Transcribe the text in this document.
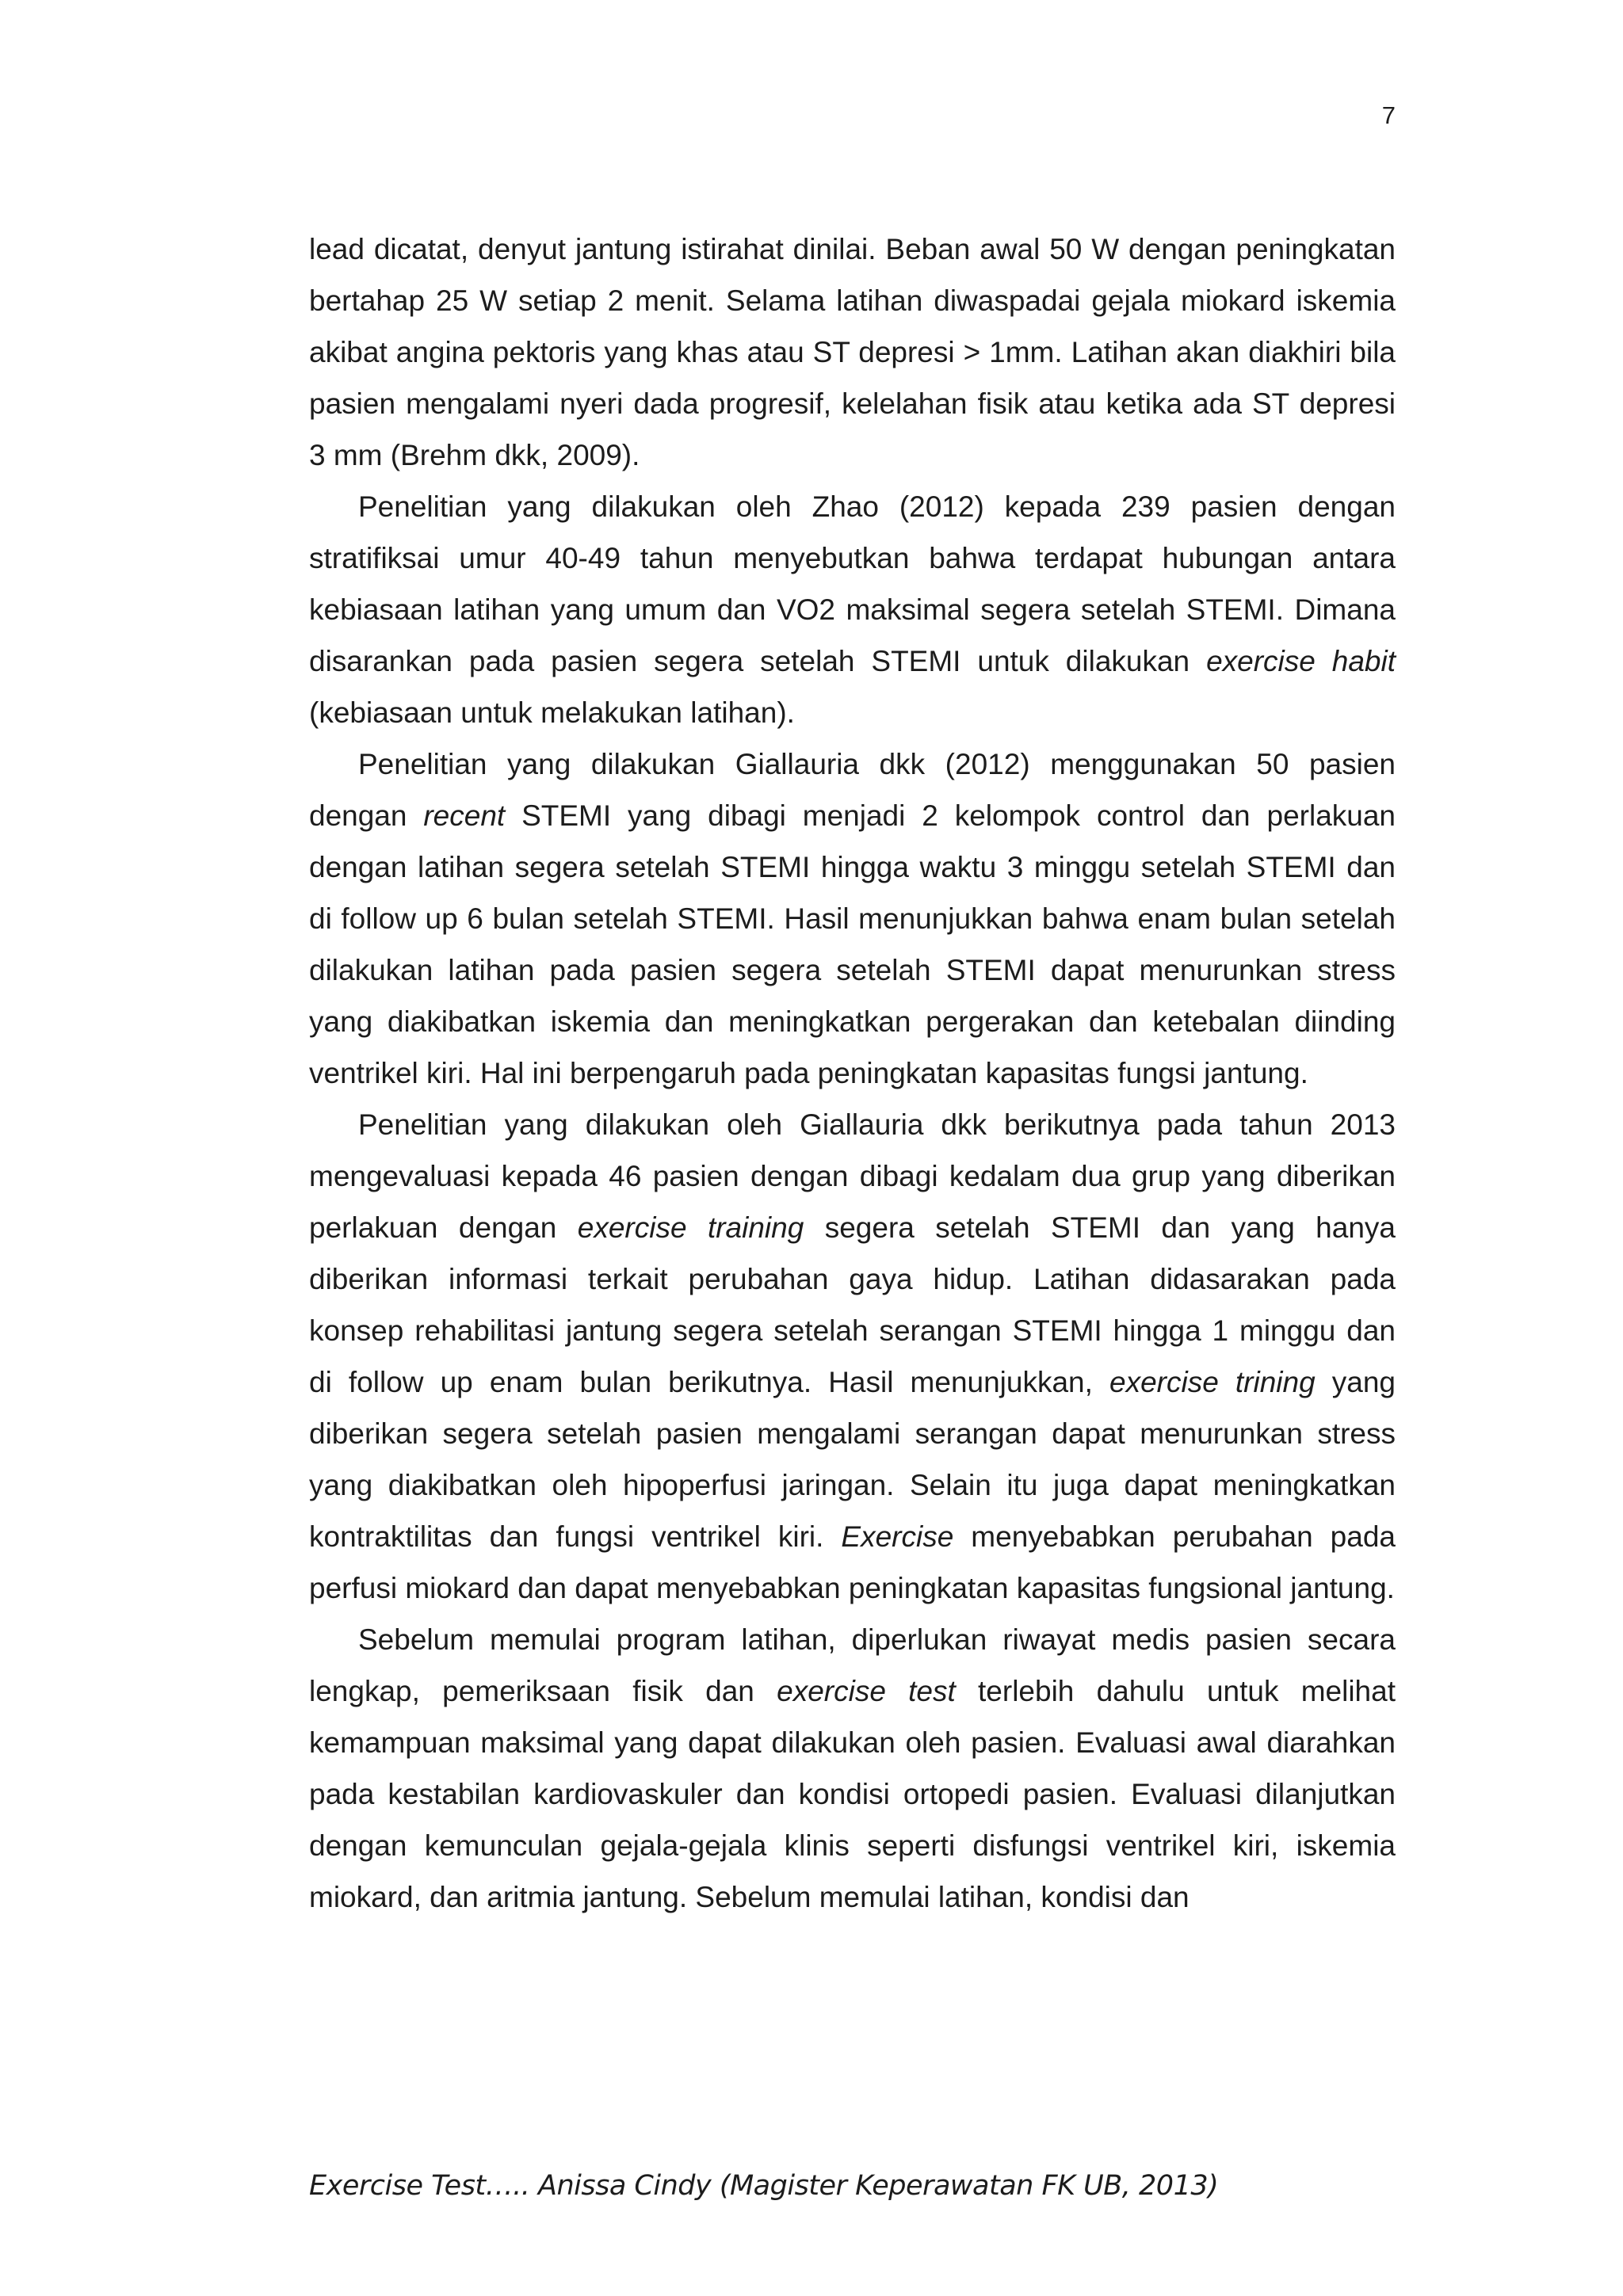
7

lead dicatat, denyut jantung istirahat dinilai. Beban awal 50 W dengan peningkatan bertahap 25 W setiap 2 menit. Selama latihan diwaspadai gejala miokard iskemia akibat angina pektoris yang khas atau ST depresi > 1mm. Latihan akan diakhiri bila pasien mengalami nyeri dada progresif, kelelahan fisik atau ketika ada ST depresi 3 mm (Brehm dkk, 2009).

Penelitian yang dilakukan oleh Zhao (2012) kepada 239 pasien dengan stratifiksai umur 40-49 tahun menyebutkan bahwa terdapat hubungan antara kebiasaan latihan yang umum dan VO2 maksimal segera setelah STEMI. Dimana disarankan pada pasien segera setelah STEMI untuk dilakukan exercise habit (kebiasaan untuk melakukan latihan).

Penelitian yang dilakukan Giallauria dkk (2012) menggunakan 50 pasien dengan recent STEMI yang dibagi menjadi 2 kelompok control dan perlakuan dengan latihan segera setelah STEMI hingga waktu 3 minggu setelah STEMI dan di follow up 6 bulan setelah STEMI. Hasil menunjukkan bahwa enam bulan setelah dilakukan latihan pada pasien segera setelah STEMI dapat menurunkan stress yang diakibatkan iskemia dan meningkatkan pergerakan dan ketebalan diinding ventrikel kiri. Hal ini berpengaruh pada peningkatan kapasitas fungsi jantung.

Penelitian yang dilakukan oleh Giallauria dkk berikutnya pada tahun 2013 mengevaluasi kepada 46 pasien dengan dibagi kedalam dua grup yang diberikan perlakuan dengan exercise training segera setelah STEMI dan yang hanya diberikan informasi terkait perubahan gaya hidup. Latihan didasarakan pada konsep rehabilitasi jantung segera setelah serangan STEMI hingga 1 minggu dan di follow up enam bulan berikutnya. Hasil menunjukkan, exercise trining yang diberikan segera setelah pasien mengalami serangan dapat menurunkan stress yang diakibatkan oleh hipoperfusi jaringan. Selain itu juga dapat meningkatkan kontraktilitas dan fungsi ventrikel kiri. Exercise menyebabkan perubahan pada perfusi miokard dan dapat menyebabkan peningkatan kapasitas fungsional jantung.

Sebelum memulai program latihan, diperlukan riwayat medis pasien secara lengkap, pemeriksaan fisik dan exercise test terlebih dahulu untuk melihat kemampuan maksimal yang dapat dilakukan oleh pasien. Evaluasi awal diarahkan pada kestabilan kardiovaskuler dan kondisi ortopedi pasien. Evaluasi dilanjutkan dengan kemunculan gejala-gejala klinis seperti disfungsi ventrikel kiri, iskemia miokard, dan aritmia jantung. Sebelum memulai latihan, kondisi dan

Exercise Test….. Anissa Cindy (Magister Keperawatan FK UB, 2013)
